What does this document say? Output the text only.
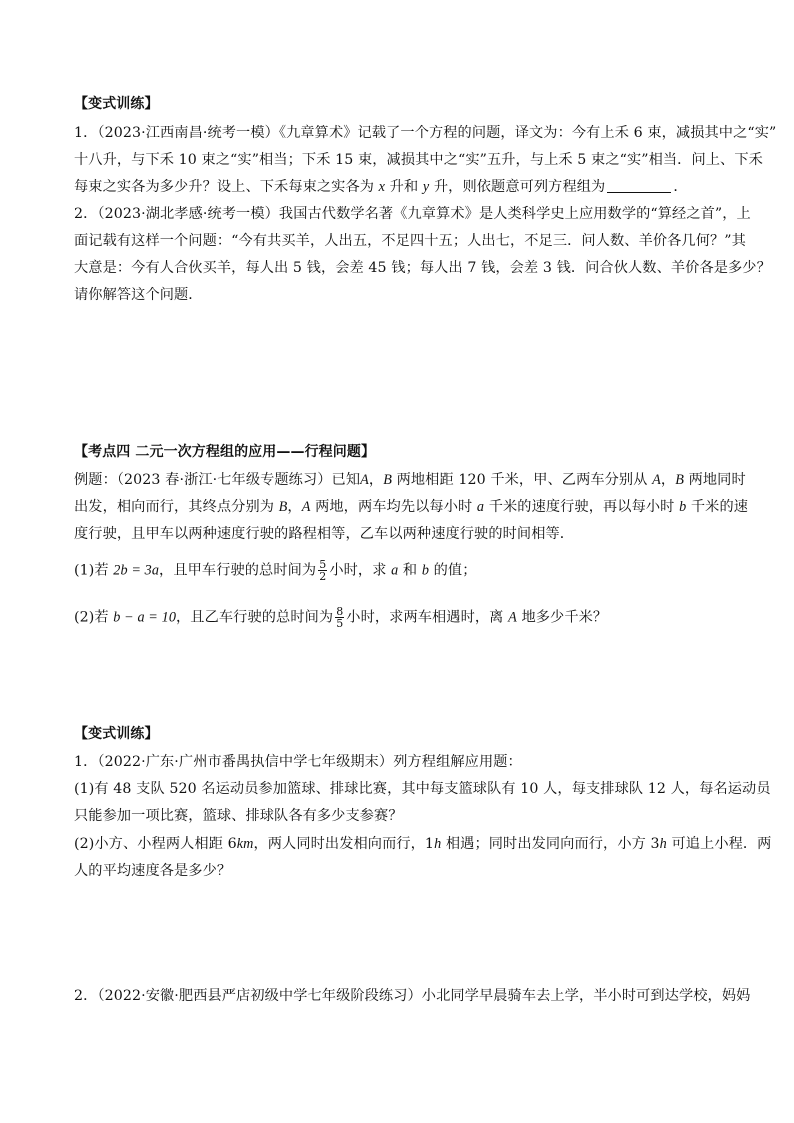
【变式训练】
1．（2023·江西南昌·统考一模）《九章算术》记载了一个方程的问题，译文为：今有上禾 6 束，减损其中之“实”
十八升，与下禾 10 束之“实”相当；下禾 15 束，减损其中之“实”五升，与上禾 5 束之“实”相当．问上、下禾
每束之实各为多少升？设上、下禾每束之实各为 x 升和 y 升，则依题意可列方程组为	．
2．（2023·湖北孝感·统考一模）我国古代数学名著《九章算术》是人类科学史上应用数学的“算经之首”，上
面记载有这样一个问题：“今有共买羊，人出五，不足四十五；人出七，不足三．问人数、羊价各几何？”其
大意是：今有人合伙买羊，每人出 5 钱，会差 45 钱；每人出 7 钱，会差 3 钱．问合伙人数、羊价各是多少？
请你解答这个问题．
【考点四 二元一次方程组的应用——行程问题】
例题：（2023 春·浙江·七年级专题练习）已知A，B 两地相距 120 千米，甲、乙两车分别从 A，B 两地同时
出发，相向而行，其终点分别为 B，A 两地，两车均先以每小时 a 千米的速度行驶，再以每小时 b 千米的速
度行驶，且甲车以两种速度行驶的路程相等，乙车以两种速度行驶的时间相等．
(1)若 2b = 3a，且甲车行驶的总时间为 $\frac{5}{2}$ 小时，求 a 和 b 的值；
(2)若 b − a = 10，且乙车行驶的总时间为 $\frac{8}{5}$ 小时，求两车相遇时，离 A 地多少千米？
【变式训练】
1．（2022·广东·广州市番禺执信中学七年级期末）列方程组解应用题：
(1)有 48 支队 520 名运动员参加篮球、排球比赛，其中每支篮球队有 10 人，每支排球队 12 人，每名运动员
只能参加一项比赛，篮球、排球队各有多少支参赛？
(2)小方、小程两人相距 6km，两人同时出发相向而行，1h 相遇；同时出发同向而行，小方 3h 可追上小程．两
人的平均速度各是多少？
2．（2022·安徽·肥西县严店初级中学七年级阶段练习）小北同学早晨骑车去上学，半小时可到达学校，妈妈
